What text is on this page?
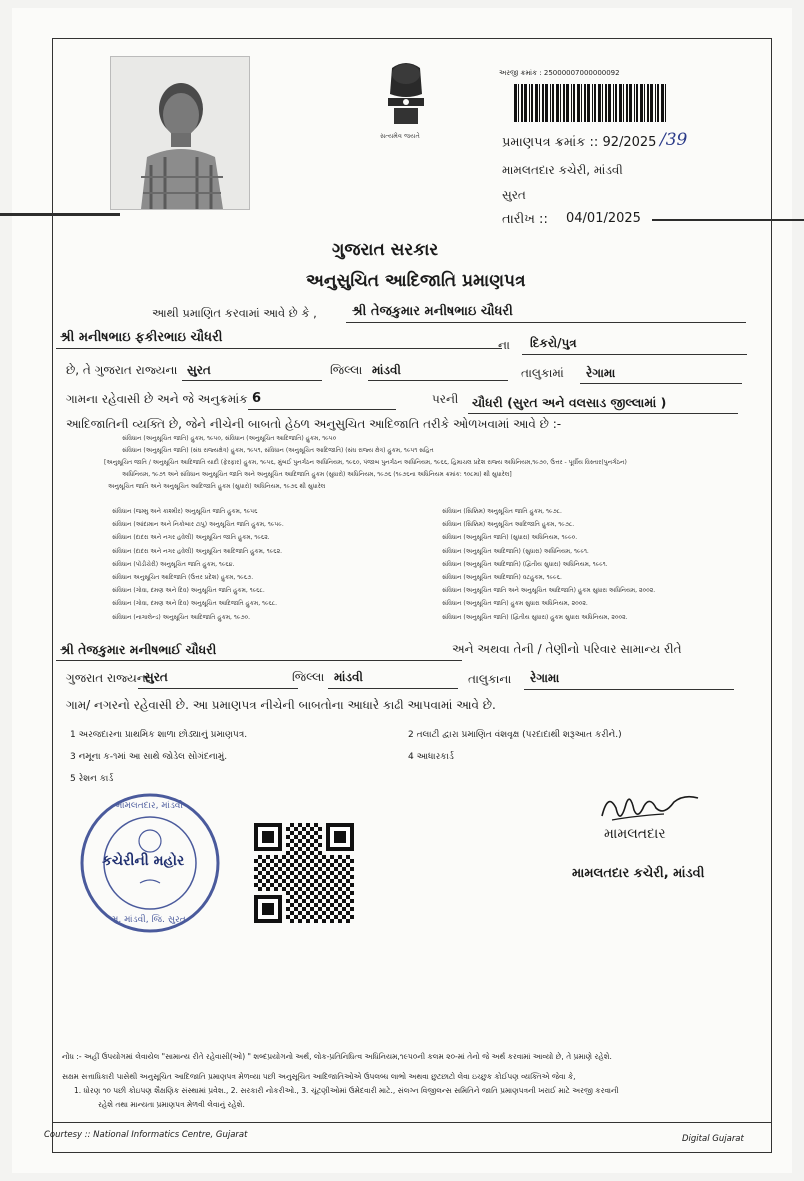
સત્યમેવ જયતે
અરજી ક્રમાંક : 25000007000000092
પ્રમાણપત્ર ક્રમાંક :: 92/2025 /39
મામલતદાર કચેરી, માંડવી
સુરત
તારીખ :: 04/01/2025
ગુજરાત સરકાર
અનુસુચિત આદિજાતિ પ્રમાણપત્ર
આથી પ્રમાણિત કરવામાં આવે છે કે ,	શ્રી તેજકુમાર મનીષભાઇ ચૌધરી
શ્રી મનીષભાઇ ફકીરભાઇ ચૌધરી	ના દિકરો/પુત્ર
છે, તે ગુજરાત રાજ્યના સુરત	જિલ્લા માંડવી	તાલુકામાં રેગામા
ગામના રહેવાસી છે અને જે અનુક્રમાંક 6	પરની ચૌધરી (સુરત અને વલસાડ જીલ્લામાં )
આદિજાતિની વ્યક્તિ છે, જેને નીચેની બાબતો હેઠળ અનુસુચિત આદિજાતિ તરીકે ઓળખવામાં આવે છે :-
સંવિધાન (અનુસૂચિત જાતિ) હુકમ, ૧૯૫૦, સંવિધાન (અનુસૂચિત આદિજાતિ) હુકમ, ૧૯૫૦
સંવિધાન (અનુસૂચિત જાતિ) (સંઘ રાજ્યક્ષેત્ર) હુકમ, ૧૯૫૧, સંવિધાન (અનુસૂચિત આદિજાતિ) (સંઘ રાજ્ય ક્ષેત્ર) હુકમ, ૧૯૫૧ સહિત
[અનુસૂચિત જાતિ / અનુસૂચિત આદિજાતિ યાદી (ફેરફાર) હુકમ, ૧૯૫૬, મુંબઈ પુનર્ગઠન અધિનિયમ, ૧૯૬૦, પંજાબ પુનર્ગઠન અધિનિયમ, ૧૯૬૬, હિમાચલ પ્રદેશ રાજ્ય અધિનિયમ,૧૯૭૦, ઉત્તર - પૂર્વીય વિસ્તાર(પુનર્ગઠન)
અધિનિયમ, ૧૯૭૧ અને સંવિધાન અનુસૂચિત જાતિ અને અનુસૂચિત આદિજાતિ હુકમ (સુધારો) અધિનિયમ, ૧૯૭૬ (૧૯૭૬ના અધિનિયમ ક્રમાંક: ૧૦૮મા) થી સુધારેલ]
અનુસૂચિત જાતિ અને અનુસૂચિત આદિજાતિ હુકમ (સુધારો) અધિનિયમ, ૧૯૭૬ થી સુધારેલ
સંવિધાન (જમ્મુ અને કાશ્મીર) અનુસૂચિત જાતિ હુકમ, ૧૯૫૬
સંવિધાન (આંદામાન અને નિકોબાર ટાપુ) અનુસૂચિત જાતિ હુકમ, ૧૯૫૯.
સંવિધાન (દાદરા અને નગર હવેલી) અનુસૂચિત જાતિ હુકમ, ૧૯૬૨.
સંવિધાન (દાદરા અને નગર હવેલી) અનુસૂચિત આદિજાતિ હુકમ, ૧૯૬૨.
સંવિધાન (પોંડીચેરી) અનુસૂચિત જાતિ હુકમ, ૧૯૬૪.
સંવિધાન અનુસૂચિત આદિજાતિ (ઉત્તર પ્રદેશ) હુકમ, ૧૯૬૭.
સંવિધાન (ગોવા, દમણ અને દિવ) અનુસૂચિત જાતિ હુકમ, ૧૯૬૮.
સંવિધાન (ગોવા, દમણ અને દિવ) અનુસૂચિત આદિજાતિ હુકમ, ૧૯૬૮.
સંવિધાન (નાગાલેન્ડ) અનુસૂચિત આદિજાતિ હુકમ, ૧૯૭૦.
સંવિધાન (સિક્કિમ) અનુસૂચિત જાતિ હુકમ, ૧૯૭૮.
સંવિધાન (સિક્કિમ) અનુસૂચિત આદિજાતિ હુકમ, ૧૯૭૮.
સંવિધાન (અનુસૂચિત જાતિ) (સુધારા) અધિનિયમ, ૧૯૯૦.
સંવિધાન (અનુસૂચિત આદિજાતિ) (સુધારા) અધિનિયમ, ૧૯૯૧.
સંવિધાન (અનુસૂચિત આદિજાતિ) (દ્વિતીય સુધારા) અધિનિયમ, ૧૯૯૧.
સંવિધાન (અનુસૂચિત આદિજાતિ) વટહુકમ, ૧૯૯૬.
સંવિધાન (અનુસૂચિત જાતિ અને અનુસૂચિત આદિજાતિ) હુકમ સુધારા અધિનિયમ, ૨૦૦૨.
સંવિધાન (અનુસૂચિત જાતિ) હુકમ સુધારા અધિનિયમ, ૨૦૦૨.
સંવિધાન (અનુસૂચિત જાતિ) (દ્વિતીય સુધારા) હુકમ સુધારા અધિનિયમ, ૨૦૦૨.
શ્રી તેજકુમાર મનીષભાઈ ચૌધરી	અને અથવા તેની / તેણીનો પરિવાર સામાન્ય રીતે
ગુજરાત રાજ્યના
સુરત	જિલ્લા માંડવી	તાલુકાના રેગામા
ગામ/ નગરનો રહેવાસી છે. આ પ્રમાણપત્ર નીચેની બાબતોના આધારે કાઢી આપવામાં આવે છે.
1 અરજદારના પ્રાથમિક શાળા છોડ્યાનું પ્રમાણપત્ર.	2 તલાટી દ્વારા પ્રમાણિત વંશવૃક્ષ (પરદાદાથી શરૂઆત કરીને.)
3 નમૂના ક-૧માં આ સાથે જોડેલ સોગંદનામું.	4 આધારકાર્ડ
5 રેશન કાર્ડ
કચેરીની મહોર
મામલતદાર, માંડવી
મુ. માંડવી, જિ. સુરત
મામલતદાર
મામલતદાર કચેરી, માંડવી
નોંધ :- અહીં ઉપયોગમાં લેવાયેલ "સામાન્ય રીતે રહેવાસી(ઓ) " શબ્દપ્રયોગનો અર્થ, લોક-પ્રતિનિધિત્વ અધિનિયમ,૧૯૫૦ની કલમ ૨૦-માં તેનો જે અર્થ કરવામાં આવ્યો છે, તે પ્રમાણે રહેશે.
સક્ષમ સત્તાધિકારી પાસેથી અનુસૂચિત આદિજાતિ પ્રમાણપત્ર મેળવ્યા પછી અનુસૂચિત આદિજાતિઓએ ઉપલબ્ધ લાભો અથવા છુટછાટો લેવા ઇચ્છુક કોઈપણ વ્યક્તિએ જેવા કે,
1. ધોરણ ૧૦ પછી કોઇપણ શૈક્ષણિક સંસ્થામાં પ્રવેશ., 2. સરકારી નોકરીઓ., 3. ચૂંટણીઓમાં ઉમેદવારી માટે., સંલગ્ન વિજીલન્સ સમિતિને જાતિ પ્રમાણપત્રની ખરાઈ માટે અરજી કરવાની
રહેશે તથા માન્યતા પ્રમાણપત્ર મેળવી લેવાનું રહેશે.
Courtesy :: National Informatics Centre, Gujarat	Digital Gujarat
